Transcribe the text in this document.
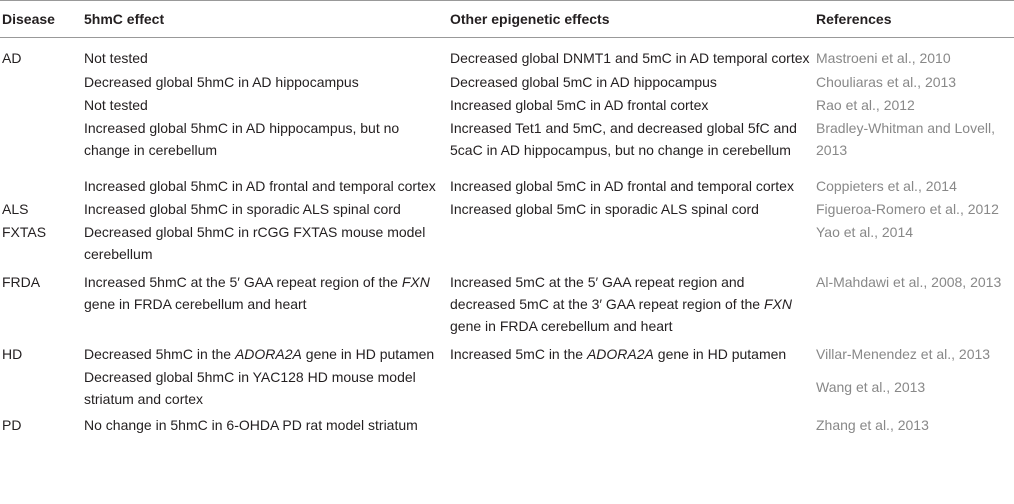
Disease	5hmC effect	Other epigenetic effects	References
AD	Not tested	Decreased global DNMT1 and 5mC in AD temporal cortex	Mastroeni et al., 2010
	Decreased global 5hmC in AD hippocampus	Decreased global 5mC in AD hippocampus	Chouliaras et al., 2013
	Not tested	Increased global 5mC in AD frontal cortex	Rao et al., 2012
	Increased global 5hmC in AD hippocampus, but no change in cerebellum	Increased Tet1 and 5mC, and decreased global 5fC and 5caC in AD hippocampus, but no change in cerebellum	Bradley-Whitman and Lovell, 2013
	Increased global 5hmC in AD frontal and temporal cortex	Increased global 5mC in AD frontal and temporal cortex	Coppieters et al., 2014
ALS	Increased global 5hmC in sporadic ALS spinal cord	Increased global 5mC in sporadic ALS spinal cord	Figueroa-Romero et al., 2012
FXTAS	Decreased global 5hmC in rCGG FXTAS mouse model cerebellum		Yao et al., 2014
FRDA	Increased 5hmC at the 5′ GAA repeat region of the FXN gene in FRDA cerebellum and heart	Increased 5mC at the 5′ GAA repeat region and decreased 5mC at the 3′ GAA repeat region of the FXN gene in FRDA cerebellum and heart	Al-Mahdawi et al., 2008, 2013
HD	Decreased 5hmC in the ADORA2A gene in HD putamen	Increased 5mC in the ADORA2A gene in HD putamen	Villar-Menendez et al., 2013
	Decreased global 5hmC in YAC128 HD mouse model striatum and cortex		Wang et al., 2013
PD	No change in 5hmC in 6-OHDA PD rat model striatum		Zhang et al., 2013
